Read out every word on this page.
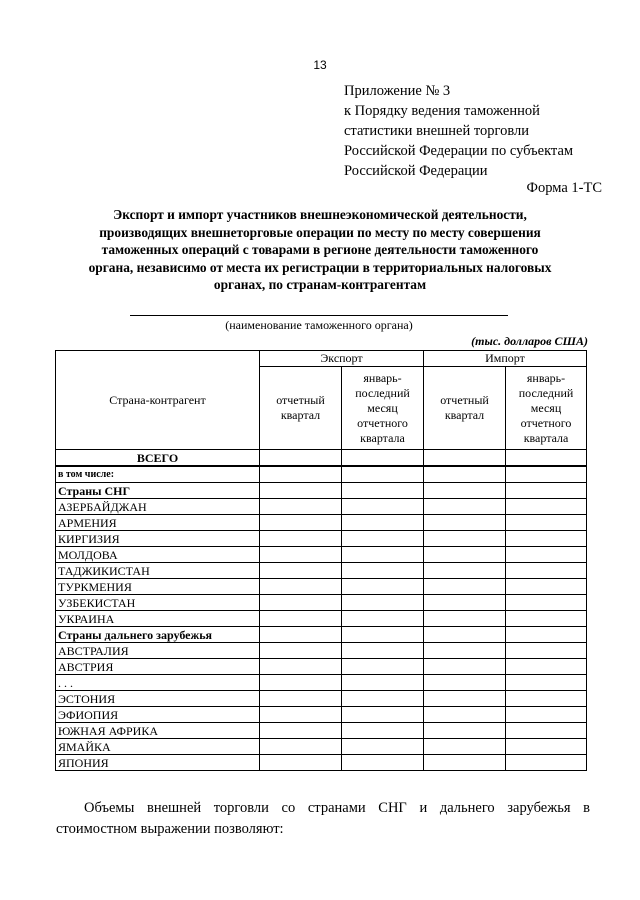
13
Приложение № 3
к Порядку ведения таможенной
статистики внешней торговли
Российской Федерации по субъектам
Российской Федерации
Форма 1-ТС
Экспорт и импорт участников внешнеэкономической деятельности,
производящих внешнеторговые операции по месту по месту совершения
таможенных операций с товарами в регионе деятельности таможенного
органа, независимо от места их регистрации в территориальных налоговых
органах, по странам-контрагентам
(наименование таможенного органа)
(тыс. долларов США)
Страна-контрагент	Экспорт		Импорт	
	отчетный квартал	январь-последний месяц отчетного квартала	отчетный квартал	январь-последний месяц отчетного квартала
ВСЕГО				
в том числе:				
Страны СНГ				
АЗЕРБАЙДЖАН				
АРМЕНИЯ				
КИРГИЗИЯ				
МОЛДОВА				
ТАДЖИКИСТАН				
ТУРКМЕНИЯ				
УЗБЕКИСТАН				
УКРАИНА				
Страны дальнего зарубежья				
АВСТРАЛИЯ				
АВСТРИЯ				
. . .				
ЭСТОНИЯ				
ЭФИОПИЯ				
ЮЖНАЯ АФРИКА				
ЯМАЙКА				
ЯПОНИЯ				
Объемы внешней торговли со странами СНГ и дальнего зарубежья в стоимостном выражении позволяют:
